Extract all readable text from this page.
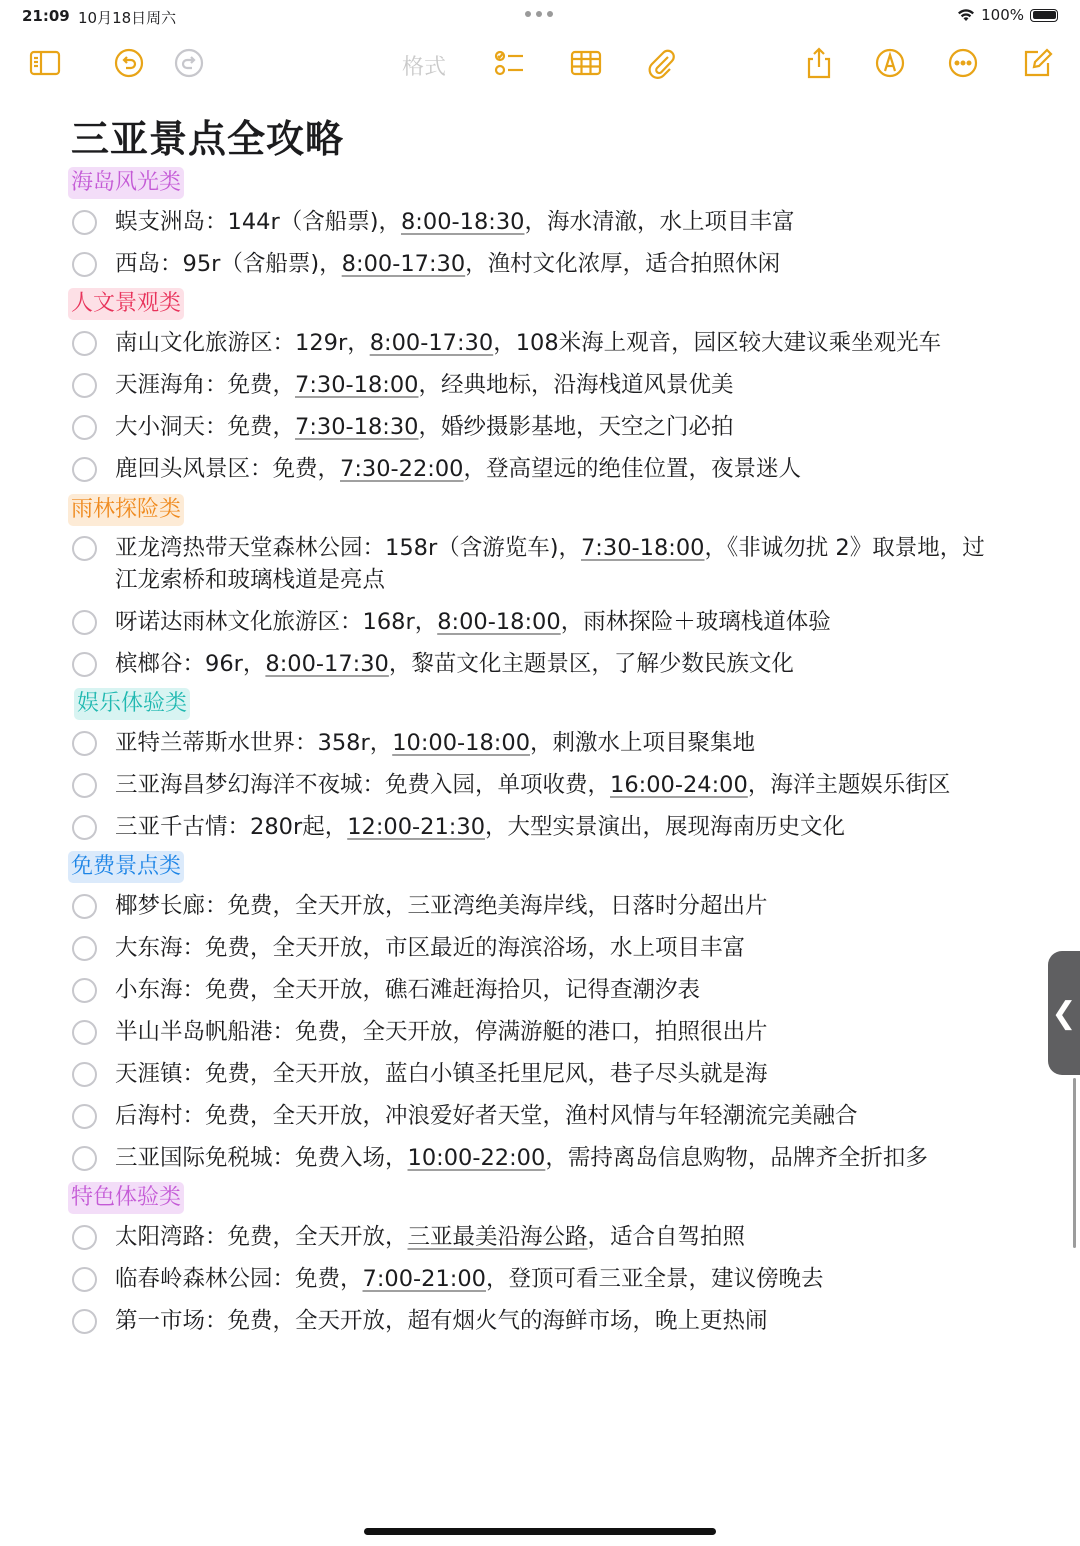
21:09 10月18日周六	100%
格式
三亚景点全攻略
海岛风光类
蜈支洲岛：144r（含船票)，8:00-18:30，海水清澈，水上项目丰富
西岛：95r（含船票)，8:00-17:30，渔村文化浓厚，适合拍照休闲
人文景观类
南山文化旅游区：129r，8:00-17:30，108米海上观音，园区较大建议乘坐观光车
天涯海角：免费，7:30-18:00，经典地标，沿海栈道风景优美
大小洞天：免费，7:30-18:30，婚纱摄影基地，天空之门必拍
鹿回头风景区：免费，7:30-22:00，登高望远的绝佳位置，夜景迷人
雨林探险类
亚龙湾热带天堂森林公园：158r（含游览车)，7:30-18:00，《非诚勿扰 2》取景地，过江龙索桥和玻璃栈道是亮点
呀诺达雨林文化旅游区：168r，8:00-18:00，雨林探险＋玻璃栈道体验
槟榔谷：96r，8:00-17:30，黎苗文化主题景区，了解少数民族文化
娱乐体验类
亚特兰蒂斯水世界：358r，10:00-18:00，刺激水上项目聚集地
三亚海昌梦幻海洋不夜城：免费入园，单项收费，16:00-24:00，海洋主题娱乐街区
三亚千古情：280r起，12:00-21:30，大型实景演出，展现海南历史文化
免费景点类
椰梦长廊：免费，全天开放，三亚湾绝美海岸线，日落时分超出片
大东海：免费，全天开放，市区最近的海滨浴场，水上项目丰富
小东海：免费，全天开放，礁石滩赶海拾贝，记得查潮汐表
半山半岛帆船港：免费，全天开放，停满游艇的港口，拍照很出片
天涯镇：免费，全天开放，蓝白小镇圣托里尼风，巷子尽头就是海
后海村：免费，全天开放，冲浪爱好者天堂，渔村风情与年轻潮流完美融合
三亚国际免税城：免费入场，10:00-22:00，需持离岛信息购物，品牌齐全折扣多
特色体验类
太阳湾路：免费，全天开放，三亚最美沿海公路，适合自驾拍照
临春岭森林公园：免费，7:00-21:00，登顶可看三亚全景，建议傍晚去
第一市场：免费，全天开放，超有烟火气的海鲜市场，晚上更热闹
❮
